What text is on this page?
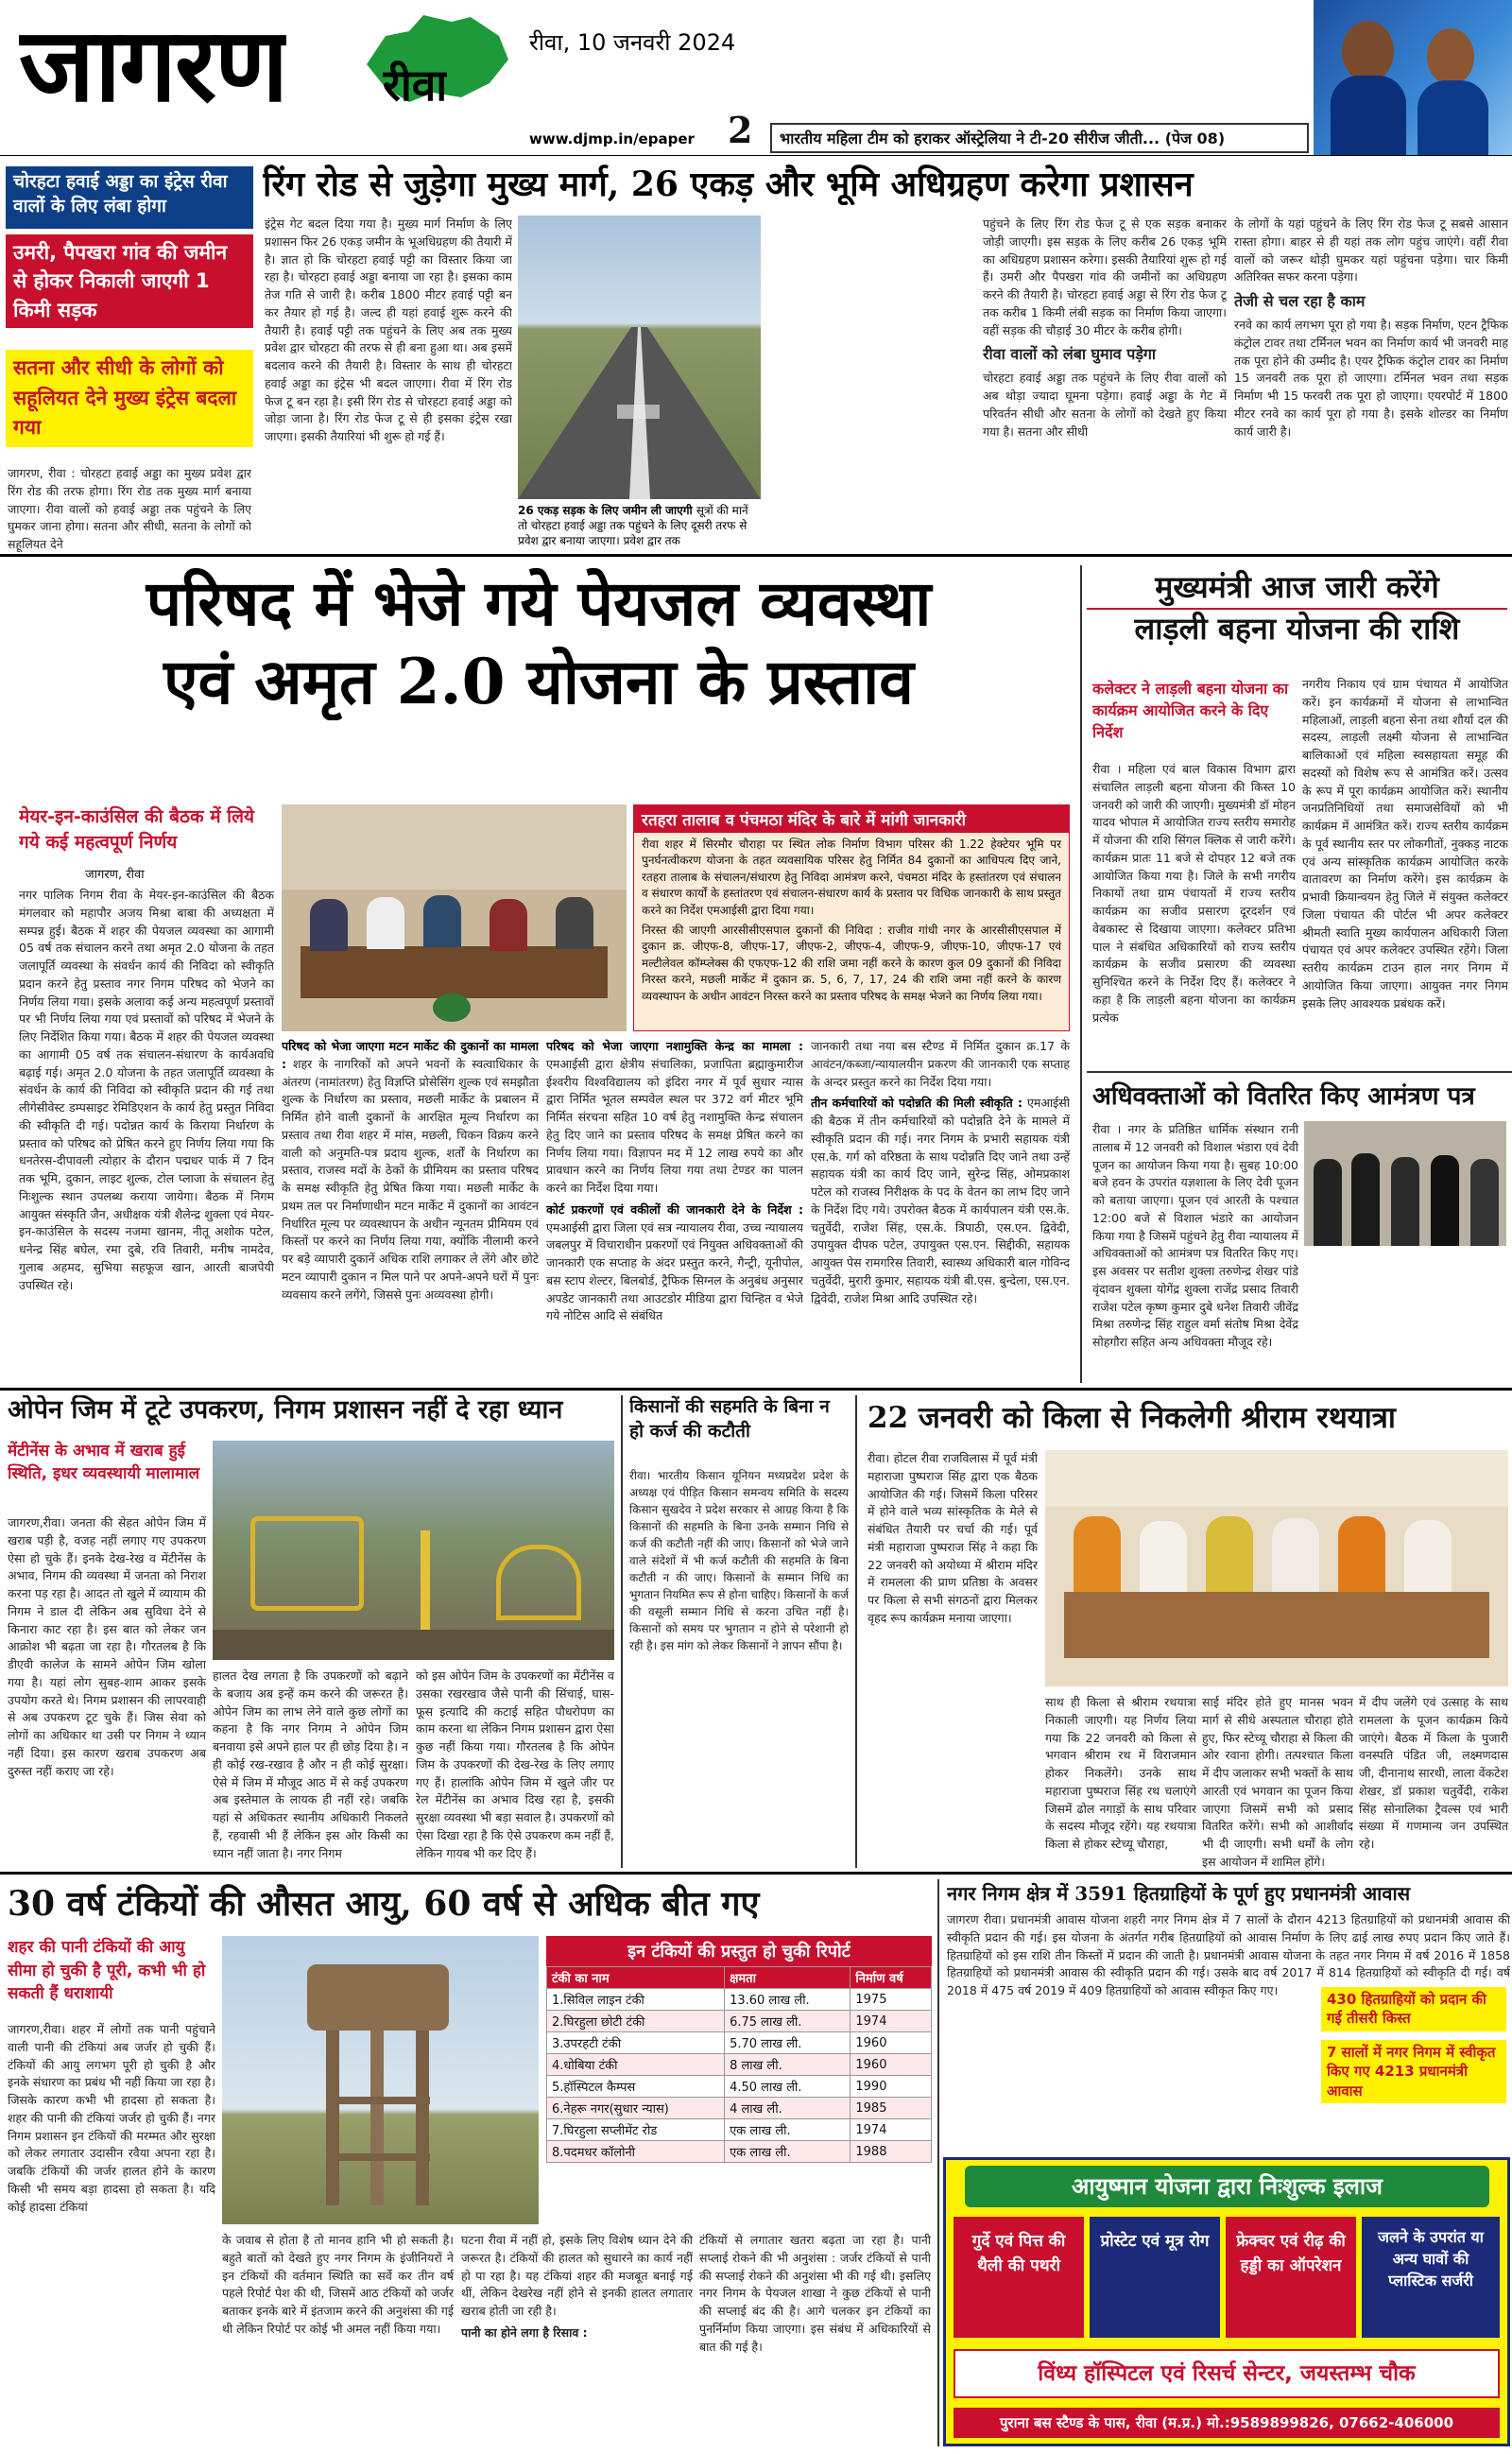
जागरण रीवा
रीवा, 10 जनवरी 2024
www.djmp.in/epaper 2	भारतीय महिला टीम को हराकर ऑस्ट्रेलिया ने टी-20 सीरीज जीती... (पेज 08)
चोरहटा हवाई अड्डा का इंट्रेस रीवा वालों के लिए लंबा होगा
उमरी, पैपखरा गांव की जमीन से होकर निकाली जाएगी 1 किमी सड़क
सतना और सीधी के लोगों को सहूलियत देने मुख्य इंट्रेस बदला गया
जागरण, रीवा : चोरहटा हवाई अड्डा का मुख्य प्रवेश द्वार रिंग रोड की तरफ होगा। रिंग रोड तक मुख्य मार्ग बनाया जाएगा। रीवा वालों को हवाई अड्डा तक पहुंचने के लिए घुमकर जाना होगा। सतना और सीधी, सतना के लोगों को सहूलियत देने
रिंग रोड से जुड़ेगा मुख्य मार्ग, 26 एकड़ और भूमि अधिग्रहण करेगा प्रशासन

इंट्रेस गेट बदल दिया गया है। मुख्य मार्ग निर्माण के लिए प्रशासन फिर 26 एकड़ जमीन के भूअधिग्रहण की तैयारी में है। ज्ञात हो कि चोरहटा हवाई पट्टी का विस्तार किया जा रहा है। चोरहटा हवाई अड्डा बनाया जा रहा है। इसका काम तेज गति से जारी है। करीब 1800 मीटर हवाई पट्टी बन कर तैयार हो गई है। जल्द ही यहां हवाई शुरू करने की तैयारी है। हवाई पट्टी तक पहुंचने के लिए अब तक मुख्य प्रवेश द्वार चोरहटा की तरफ से ही बना हुआ था। अब इसमें बदलाव करने की तैयारी है। विस्तार के साथ ही चोरहटा हवाई अड्डा का इंट्रेस भी बदल जाएगा। रीवा में रिंग रोड फेज टू बन रहा है। इसी रिंग रोड से चोरहटा हवाई अड्डा को जोड़ा जाना है। रिंग रोड फेज टू से ही इसका इंट्रेस रखा जाएगा। इसकी तैयारियां भी शुरू हो गई हैं।

26 एकड़ सड़क के लिए जमीन ली जाएगी सूत्रों की मानें तो चोरहटा हवाई अड्डा तक पहुंचने के लिए दूसरी तरफ से प्रवेश द्वार बनाया जाएगा। प्रवेश द्वार तक

पहुंचने के लिए रिंग रोड फेज टू से एक सड़क बनाकर जोड़ी जाएगी। इस सड़क के लिए करीब 26 एकड़ भूमि का अधिग्रहण प्रशासन करेगा। इसकी तैयारियां शुरू हो गई हैं। उमरी और पैपखरा गांव की जमीनों का अधिग्रहण करने की तैयारी है। चोरहटा हवाई अड्डा से रिंग रोड फेज टू तक करीब 1 किमी लंबी सड़क का निर्माण किया जाएगा। वहीं सड़क की चौड़ाई 30 मीटर के करीब होगी।

रीवा वालों को लंबा घुमाव पड़ेगा

चोरहटा हवाई अड्डा तक पहुंचने के लिए रीवा वालों को अब थोड़ा ज्यादा घूमना पड़ेगा। हवाई अड्डा के गेट में परिवर्तन सीधी और सतना के लोगों को देखते हुए किया गया है। सतना और सीधी

के लोगों के यहां पहुंचने के लिए रिंग रोड फेज टू सबसे आसान रास्ता होगा। बाहर से ही यहां तक लोग पहुंच जाएंगे। वहीं रीवा वालों को जरूर थोड़ी घुमकर यहां पहुंचना पड़ेगा। चार किमी अतिरिक्त सफर करना पड़ेगा।

तेजी से चल रहा है काम

रनवे का कार्य लगभग पूरा हो गया है। सड़क निर्माण, एटन ट्रैफिक कंट्रोल टावर तथा टर्मिनल भवन का निर्माण कार्य भी जनवरी माह तक पूरा होने की उम्मीद है। एयर ट्रैफिक कंट्रोल टावर का निर्माण 15 जनवरी तक पूरा हो जाएगा। टर्मिनल भवन तथा सड़क निर्माण भी 15 फरवरी तक पूरा हो जाएगा। एयरपोर्ट में 1800 मीटर रनवे का कार्य पूरा हो गया है। इसके शोल्डर का निर्माण कार्य जारी है।

परिषद में भेजे गये पेयजल व्यवस्था
एवं अमृत 2.0 योजना के प्रस्ताव
मेयर-इन-काउंसिल की बैठक में लिये गये कई महत्वपूर्ण निर्णय
जागरण, रीवा

नगर पालिक निगम रीवा के मेयर-इन-काउंसिल की बैठक मंगलवार को महापौर अजय मिश्रा बाबा की अध्यक्षता में सम्पन्न हुई। बैठक में शहर की पेयजल व्यवस्था का आगामी 05 वर्ष तक संचालन करने तथा अमृत 2.0 योजना के तहत जलापूर्ति व्यवस्था के संवर्धन कार्य की निविदा को स्वीकृति प्रदान करने हेतु प्रस्ताव नगर निगम परिषद को भेजने का निर्णय लिया गया। इसके अलावा कई अन्य महत्वपूर्ण प्रस्तावों पर भी निर्णय लिया गया एवं प्रस्तावों को परिषद में भेजने के लिए निर्देशित किया गया। बैठक में शहर की पेयजल व्यवस्था का आगामी 05 वर्ष तक संचालन-संधारण के कार्यअवधि बढ़ाई गई। अमृत 2.0 योजना के तहत जलापूर्ति व्यवस्था के संवर्धन के कार्य की निविदा को स्वीकृति प्रदान की गई तथा लीगेसीवेस्ट डम्पसाइट रेमिडिएशन के कार्य हेतु प्रस्तुत निविदा की स्वीकृति दी गई। पदोन्नत कार्य के किराया निर्धारण के प्रस्ताव को परिषद को प्रेषित करने हुए निर्णय लिया गया कि धनतेरस-दीपावली त्योहार के दौरान पद्मधर पार्क में 7 दिन तक भूमि, दुकान, लाइट शुल्क, टोल प्लाजा के संचालन हेतु निःशुल्क स्थान उपलब्ध कराया जायेगा। बैठक में निगम आयुक्त संस्कृति जैन, अधीक्षक यंत्री शैलेन्द्र शुक्ला एवं मेयर-इन-काउंसिल के सदस्य नजमा खानम, नीतू अशोक पटेल, धनेन्द्र सिंह बघेल, रमा दुबे, रवि तिवारी, मनीष नामदेव, गुलाब अहमद, सुभिया सहफूज खान, आरती बाजपेयी उपस्थित रहे।

रतहरा तालाब व पंचमठा मंदिर के बारे में मांगी जानकारी
रीवा शहर में सिरमौर चौराहा पर स्थित लोक निर्माण विभाग परिसर की 1.22 हेक्टेयर भूमि पर पुनर्घनत्वीकरण योजना के तहत व्यवसायिक परिसर हेतु निर्मित 84 दुकानों का आधिपत्य दिए जाने, रतहरा तालाब के संचालन/संधारण हेतु निविदा आमंत्रण करने, पंचमठा मंदिर के हस्तांतरण एवं संचालन व संधारण कार्यों के हस्तांतरण एवं संचालन-संधारण कार्य के प्रस्ताव पर विधिक जानकारी के साथ प्रस्तुत करने का निर्देश एमआईसी द्वारा दिया गया।
निरस्त की जाएगी आरसीसीएसपाल दुकानों की निविदा : राजीव गांधी नगर के आरसीसीएसपाल में दुकान क्र. जीएफ-8, जीएफ-17, जीएफ-2, जीएफ-4, जीएफ-9, जीएफ-10, जीएफ-17 एवं मल्टीलेवल कॉम्प्लेक्स की एफएफ-12 की राशि जमा नहीं करने के कारण कुल 09 दुकानों की निविदा निरस्त करने, मछली मार्केट में दुकान क्र. 5, 6, 7, 17, 24 की राशि जमा नहीं करने के कारण व्यवस्थापन के अधीन आवंटन निरस्त करने का प्रस्ताव परिषद के समक्ष भेजने का निर्णय लिया गया।

परिषद को भेजा जाएगा मटन मार्केट की दुकानों का मामला : शहर के नागरिकों को अपने भवनों के स्वत्वाधिकार के अंतरण (नामांतरण) हेतु विज्ञप्ति प्रोसेसिंग शुल्क एवं समझौता शुल्क के निर्धारण का प्रस्ताव, मछली मार्केट के प्रबालन में निर्मित होने वाली दुकानों के आरक्षित मूल्य निर्धारण का प्रस्ताव तथा रीवा शहर में मांस, मछली, चिकन विक्रय करने वाली को अनुमति-पत्र प्रदाय शुल्क, शर्तों के निर्धारण का प्रस्ताव, राजस्व मदों के ठेकों के प्रीमियम का प्रस्ताव परिषद के समक्ष स्वीकृति हेतु प्रेषित किया गया। मछली मार्केट के प्रथम तल पर निर्माणाधीन मटन मार्केट में दुकानों का आवंटन निर्धारित मूल्य पर व्यवस्थापन के अधीन न्यूनतम प्रीमियम एवं किस्तों पर करने का निर्णय लिया गया, क्योंकि नीलामी करने पर बड़े व्यापारी दुकानें अधिक राशि लगाकर ले लेंगे और छोटे मटन व्यापारी दुकान न मिल पाने पर अपने-अपने घरों में पुनः व्यवसाय करने लगेंगे, जिससे पुनः अव्यवस्था होगी।

परिषद को भेजा जाएगा नशामुक्ति केन्द्र का मामला : एमआईसी द्वारा क्षेत्रीय संचालिका, प्रजापिता ब्रह्माकुमारीज ईश्वरीय विश्वविद्यालय को इंदिरा नगर में पूर्व सुधार न्यास द्वारा निर्मित भूतल सम्पवेल स्थल पर 372 वर्ग मीटर भूमि निर्मित संरचना सहित 10 वर्ष हेतु नशामुक्ति केन्द्र संचालन हेतु दिए जाने का प्रस्ताव परिषद के समक्ष प्रेषित करने का निर्णय लिया गया। विज्ञापन मद में 12 लाख रुपये का और प्रावधान करने का निर्णय लिया गया तथा टेण्डर का पालन करने का निर्देश दिया गया।

कोर्ट प्रकरणों एवं वकीलों की जानकारी देने के निर्देश : एमआईसी द्वारा जिला एवं सत्र न्यायालय रीवा, उच्च न्यायालय जबलपुर में विचाराधीन प्रकरणों एवं नियुक्त अधिवक्ताओं की जानकारी एक सप्ताह के अंदर प्रस्तुत करने, गैन्ट्री, यूनीपोल, बस स्टाप शेल्टर, बिलबोर्ड, ट्रैफिक सिग्नल के अनुबंध अनुसार अपडेट जानकारी तथा आउटडोर मीडिया द्वारा चिन्हित व भेजे गये नोटिस आदि से संबंधित

जानकारी तथा नया बस स्टैण्ड में निर्मित दुकान क्र.17 के आवंटन/कब्जा/न्यायालयीन प्रकरण की जानकारी एक सप्ताह के अन्दर प्रस्तुत करने का निर्देश दिया गया।

तीन कर्मचारियों को पदोन्नति की मिली स्वीकृति : एमआईसी की बैठक में तीन कर्मचारियों को पदोन्नति देने के मामले में स्वीकृति प्रदान की गई। नगर निगम के प्रभारी सहायक यंत्री एस.के. गर्ग को वरिष्ठता के साथ पदोन्नति दिए जाने तथा उन्हें सहायक यंत्री का कार्य दिए जाने, सुरेन्द्र सिंह, ओमप्रकाश पटेल को राजस्व निरीक्षक के पद के वेतन का लाभ दिए जाने के निर्देश दिए गये। उपरोक्त बैठक में कार्यपालन यंत्री एस.के. चतुर्वेदी, राजेश सिंह, एस.के. त्रिपाठी, एस.एन. द्विवेदी, उपायुक्त दीपक पटेल, उपायुक्त एस.एन. सिद्दीकी, सहायक आयुक्त पेस रामगरिस तिवारी, स्वास्थ्य अधिकारी बाल गोविन्द चतुर्वेदी, मुरारी कुमार, सहायक यंत्री बी.एस. बुन्देला, एस.एन. द्विवेदी, राजेश मिश्रा आदि उपस्थित रहे।

मुख्यमंत्री आज जारी करेंगे
लाड़ली बहना योजना की राशि
कलेक्टर ने लाड़ली बहना योजना का कार्यक्रम आयोजित करने के दिए निर्देश

रीवा । महिला एवं बाल विकास विभाग द्वारा संचालित लाड़ली बहना योजना की किस्त 10 जनवरी को जारी की जाएगी। मुख्यमंत्री डॉ मोहन यादव भोपाल में आयोजित राज्य स्तरीय समारोह में योजना की राशि सिंगल क्लिक से जारी करेंगे। कार्यक्रम प्रातः 11 बजे से दोपहर 12 बजे तक आयोजित किया गया है। जिले के सभी नगरीय निकायों तथा ग्राम पंचायतों में राज्य स्तरीय कार्यक्रम का सजीव प्रसारण दूरदर्शन एवं वेबकास्ट से दिखाया जाएगा। कलेक्टर प्रतिभा पाल ने संबंधित अधिकारियों को राज्य स्तरीय कार्यक्रम के सजीव प्रसारण की व्यवस्था सुनिश्चित करने के निर्देश दिए हैं। कलेक्टर ने कहा है कि लाड़ली बहना योजना का कार्यक्रम प्रत्येक

नगरीय निकाय एवं ग्राम पंचायत में आयोजित करें। इन कार्यक्रमों में योजना से लाभान्वित महिलाओं, लाड़ली बहना सेना तथा शौर्या दल की सदस्य, लाड़ली लक्ष्मी योजना से लाभान्वित बालिकाओं एवं महिला स्वसहायता समूह की सदस्यों को विशेष रूप से आमंत्रित करें। उत्सव के रूप में पूरा कार्यक्रम आयोजित करें। स्थानीय जनप्रतिनिधियों तथा समाजसेवियों को भी कार्यक्रम में आमंत्रित करें। राज्य स्तरीय कार्यक्रम के पूर्व स्थानीय स्तर पर लोकगीतों, नुक्कड़ नाटक एवं अन्य सांस्कृतिक कार्यक्रम आयोजित करके वातावरण का निर्माण करेंगे। इस कार्यक्रम के प्रभावी क्रियान्वयन हेतु जिले में संयुक्त कलेक्टर जिला पंचायत की पोर्टल भी अपर कलेक्टर श्रीमती स्वाति मुख्य कार्यपालन अधिकारी जिला पंचायत एवं अपर कलेक्टर उपस्थित रहेंगे। जिला स्तरीय कार्यक्रम टाउन हाल नगर निगम में आयोजित किया जाएगा। आयुक्त नगर निगम इसके लिए आवश्यक प्रबंधक करें।

अधिवक्ताओं को वितरित किए आमंत्रण पत्र

रीवा । नगर के प्रतिष्ठित धार्मिक संस्थान रानी तालाब में 12 जनवरी को विशाल भंडारा एवं देवी पूजन का आयोजन किया गया है। सुबह 10:00 बजे हवन के उपरांत यज्ञशाला के लिए देवी पूजन को बताया जाएगा। पूजन एवं आरती के पश्चात 12:00 बजे से विशाल भंडारे का आयोजन किया गया है जिसमें पहुंचने हेतु रीवा न्यायालय में अधिवक्ताओं को आमंत्रण पत्र वितरित किए गए। इस अवसर पर सतीश शुक्ला तरुणेन्द्र शेखर पांडे वृंदावन शुक्ला योगेंद्र शुक्ला राजेंद्र प्रसाद तिवारी राजेश पटेल कृष्ण कुमार दुबे धनेश तिवारी जीवेंद्र मिश्रा तरुणेन्द्र सिंह राहुल वर्मा संतोष मिश्रा देवेंद्र सोहगौरा सहित अन्य अधिवक्ता मौजूद रहे।

ओपेन जिम में टूटे उपकरण, निगम प्रशासन नहीं दे रहा ध्यान
मेंटीनेंस के अभाव में खराब हुई स्थिति, इधर व्यवस्थायी मालामाल

जागरण,रीवा। जनता की सेहत ओपेन जिम में खराब पड़ी है, वजह नहीं लगाए गए उपकरण ऐसा हो चुके हैं। इनके देख-रेख व मेंटीनेंस के अभाव, निगम की व्यवस्था में जनता को निराश करना पड़ रहा है। आदत तो खुले में व्यायाम की निगम ने डाल दी लेकिन अब सुविधा देने से किनारा काट रहा है। इस बात को लेकर जन आक्रोश भी बढ़ता जा रहा है। गौरतलब है कि डीएवी कालेज के सामने ओपेन जिम खोला गया है। यहां लोग सुबह-शाम आकर इसके उपयोग करते थे। निगम प्रशासन की लापरवाही से अब उपकरण टूट चुके हैं। जिस सेवा को लोगों का अधिकार था उसी पर निगम ने ध्यान नहीं दिया। इस कारण खराब उपकरण अब दुरुस्त नहीं कराए जा रहे।

हालत देख लगता है कि उपकरणों को बढ़ाने के बजाय अब इन्हें कम करने की जरूरत है। ओपेन जिम का लाभ लेने वाले कुछ लोगों का कहना है कि नगर निगम ने ओपेन जिम बनवाया इसे अपने हाल पर ही छोड़ दिया है। न ही कोई रख-रखाव है और न ही कोई सुरक्षा। ऐसे में जिम में मौजूद आठ में से कई उपकरण अब इस्तेमाल के लायक ही नहीं रहे। जबकि यहां से अधिकतर स्थानीय अधिकारी निकलते हैं, रहवासी भी हैं लेकिन इस ओर किसी का ध्यान नहीं जाता है। नगर निगम

को इस ओपेन जिम के उपकरणों का मेंटीनेंस व उसका रखरखाव जैसे पानी की सिंचाई, घास-फूस इत्यादि की कटाई सहित पौधरोपण का काम करना था लेकिन निगम प्रशासन द्वारा ऐसा कुछ नहीं किया गया। गौरतलब है कि ओपेन जिम के उपकरणों की देख-रेख के लिए लगाए गए हैं। हालांकि ओपेन जिम में खुले जीर पर रेल मेंटीनेंस का अभाव दिख रहा है, इसकी सुरक्षा व्यवस्था भी बड़ा सवाल है। उपकरणों को ऐसा दिखा रहा है कि ऐसे उपकरण कम नहीं हैं, लेकिन गायब भी कर दिए हैं।

किसानों की सहमति के बिना न हो कर्ज की कटौती

रीवा। भारतीय किसान यूनियन मध्यप्रदेश प्रदेश के अध्यक्ष एवं पीड़ित किसान समन्वय समिति के सदस्य किसान सुखदेव ने प्रदेश सरकार से आग्रह किया है कि किसानों की सहमति के बिना उनके सम्मान निधि से कर्ज की कटौती नहीं की जाए। किसानों को भेजे जाने वाले संदेशों में भी कर्ज कटौती की सहमति के बिना कटौती न की जाए। किसानों के सम्मान निधि का भुगतान नियमित रूप से होना चाहिए। किसानों के कर्ज की वसूली सम्मान निधि से करना उचित नहीं है। किसानों को समय पर भुगतान न होने से परेशानी हो रही है। इस मांग को लेकर किसानों ने ज्ञापन सौंपा है।

22 जनवरी को किला से निकलेगी श्रीराम रथयात्रा

रीवा। होटल रीवा राजविलास में पूर्व मंत्री महाराजा पुष्पराज सिंह द्वारा एक बैठक आयोजित की गई। जिसमें किला परिसर में होने वाले भव्य सांस्कृतिक के मेले से संबंधित तैयारी पर चर्चा की गई। पूर्व मंत्री महाराजा पुष्पराज सिंह ने कहा कि 22 जनवरी को अयोध्या में श्रीराम मंदिर में रामलला की प्राण प्रतिष्ठा के अवसर पर किला से सभी संगठनों द्वारा मिलकर वृहद रूप कार्यक्रम मनाया जाएगा।

साथ ही किला से श्रीराम रथयात्रा निकाली जाएगी। यह निर्णय लिया गया कि 22 जनवरी को किला से भगवान श्रीराम रथ में विराजमान होकर निकलेंगे। उनके साथ महाराजा पुष्पराज सिंह रथ चलाएंगे जिसमें ढोल नगाड़ों के साथ परिवार के सदस्य मौजूद रहेंगे। यह रथयात्रा किला से होकर स्टेच्यू चौराहा,

साई मंदिर होते हुए मानस भवन मार्ग से सीधे अस्पताल चौराहा होते हुए, फिर स्टेच्यू चौराहा से किला की ओर रवाना होगी। तत्पश्चात किला में दीप जलाकर सभी भक्तों के साथ आरती एवं भगवान का पूजन किया जाएगा जिसमें सभी को प्रसाद वितरित करेंगे। सभी को आशीर्वाद भी दी जाएगी। सभी धर्मों के लोग इस आयोजन में शामिल होंगे।

में दीप जलेंगे एवं उत्साह के साथ रामलला के पूजन कार्यक्रम किये जाएंगे। बैठक में किला के पुजारी वनस्पति पंडित जी, लक्ष्मणदास जी, दीनानाथ सारथी, लाला वेंकटेश शेखर, डॉ प्रकाश चतुर्वेदी, राकेश सिंह सोनालिका ट्रैवल्स एवं भारी संख्या में गणमान्य जन उपस्थित रहे।

30 वर्ष टंकियों की औसत आयु, 60 वर्ष से अधिक बीत गए
शहर की पानी टंकियों की आयु सीमा हो चुकी है पूरी, कभी भी हो सकती हैं धराशायी

जागरण,रीवा। शहर में लोगों तक पानी पहुंचाने वाली पानी की टंकियां अब जर्जर हो चुकी हैं। टंकियों की आयु लगभग पूरी हो चुकी है और इनके संधारण का प्रबंध भी नहीं किया जा रहा है। जिसके कारण कभी भी हादसा हो सकता है। शहर की पानी की टंकियां जर्जर हो चुकी हैं। नगर निगम प्रशासन इन टंकियों की मरम्मत और सुरक्षा को लेकर लगातार उदासीन रवैया अपना रहा है। जबकि टंकियों की जर्जर हालत होने के कारण किसी भी समय बड़ा हादसा हो सकता है। यदि कोई हादसा टंकियां

इन टंकियों की प्रस्तुत हो चुकी रिपोर्ट
टंकी का नाम	क्षमता	निर्माण वर्ष
1.सिविल लाइन टंकी	13.60 लाख ली.	1975
2.घिरहुला छोटी टंकी	6.75 लाख ली.	1974
3.उपरहटी टंकी	5.70 लाख ली.	1960
4.धोबिया टंकी	8 लाख ली.	1960
5.हॉस्पिटल कैम्पस	4.50 लाख ली.	1990
6.नेहरू नगर(सुधार न्यास)	4 लाख ली.	1985
7.घिरहुला सप्लीमेंट रोड	एक लाख ली.	1974
8.पदमधर कॉलोनी	एक लाख ली.	1988

के जवाब से होता है तो मानव हानि भी हो सकती है। बहुते बातों को देखते हुए नगर निगम के इंजीनियरों ने इन टंकियों की वर्तमान स्थिति का सर्वे कर तीन वर्ष पहले रिपोर्ट पेश की थी, जिसमें आठ टंकियों को जर्जर बताकर इनके बारे में इंतजाम करने की अनुशंसा की गई थी लेकिन रिपोर्ट पर कोई भी अमल नहीं किया गया।

घटना रीवा में नहीं हो, इसके लिए विशेष ध्यान देने की जरूरत है। टंकियों की हालत को सुधारने का कार्य नहीं हो पा रहा है। यह टंकियां शहर की मजबूत बनाई गई थीं, लेकिन देखरेख नहीं होने से इनकी हालत लगातार खराब होती जा रही है।

पानी का होने लगा है रिसाव :

टंकियों से लगातार खतरा बढ़ता जा रहा है। पानी सप्लाई रोकने की भी अनुशंसा : जर्जर टंकियों से पानी की सप्लाई रोकने की अनुशंसा भी की गई थी। इसलिए नगर निगम के पेयजल शाखा ने कुछ टंकियों से पानी की सप्लाई बंद की है। आगे चलकर इन टंकियों का पुनर्निर्माण किया जाएगा। इस संबंध में अधिकारियों से बात की गई है।

नगर निगम क्षेत्र में 3591 हितग्राहियों के पूर्ण हुए प्रधानमंत्री आवास

जागरण रीवा। प्रधानमंत्री आवास योजना शहरी नगर निगम क्षेत्र में 7 सालों के दौरान 4213 हितग्राहियों को प्रधानमंत्री आवास की स्वीकृति प्रदान की गई। इस योजना के अंतर्गत गरीब हितग्राहियों को आवास निर्माण के लिए ढाई लाख रुपए प्रदान किए जाते हैं। हितग्राहियों को इस राशि तीन किस्तों में प्रदान की जाती है। प्रधानमंत्री आवास योजना के तहत नगर निगम में वर्ष 2016 में 1858 हितग्राहियों को प्रधानमंत्री आवास की स्वीकृति प्रदान की गई। उसके बाद वर्ष 2017 में 814 हितग्राहियों को स्वीकृति दी गई। वर्ष 2018 में 475 वर्ष 2019 में 409 हितग्राहियों को आवास स्वीकृत किए गए।

430 हितग्राहियों को प्रदान की गई तीसरी किस्त
7 सालों में नगर निगम में स्वीकृत किए गए 4213 प्रधानमंत्री आवास
आयुष्मान योजना द्वारा निःशुल्क इलाज
गुर्दे एवं पित्त की थैली की पथरी
प्रोस्टेट एवं मूत्र रोग	फ्रेक्चर एवं रीढ़ की हड्डी का ऑपरेशन
जलने के उपरांत या अन्य घावों की प्लास्टिक सर्जरी
विंध्य हॉस्पिटल एवं रिसर्च सेन्टर, जयस्तम्भ चौक
पुराना बस स्टैण्ड के पास, रीवा (म.प्र.) मो.:9589899826, 07662-406000
